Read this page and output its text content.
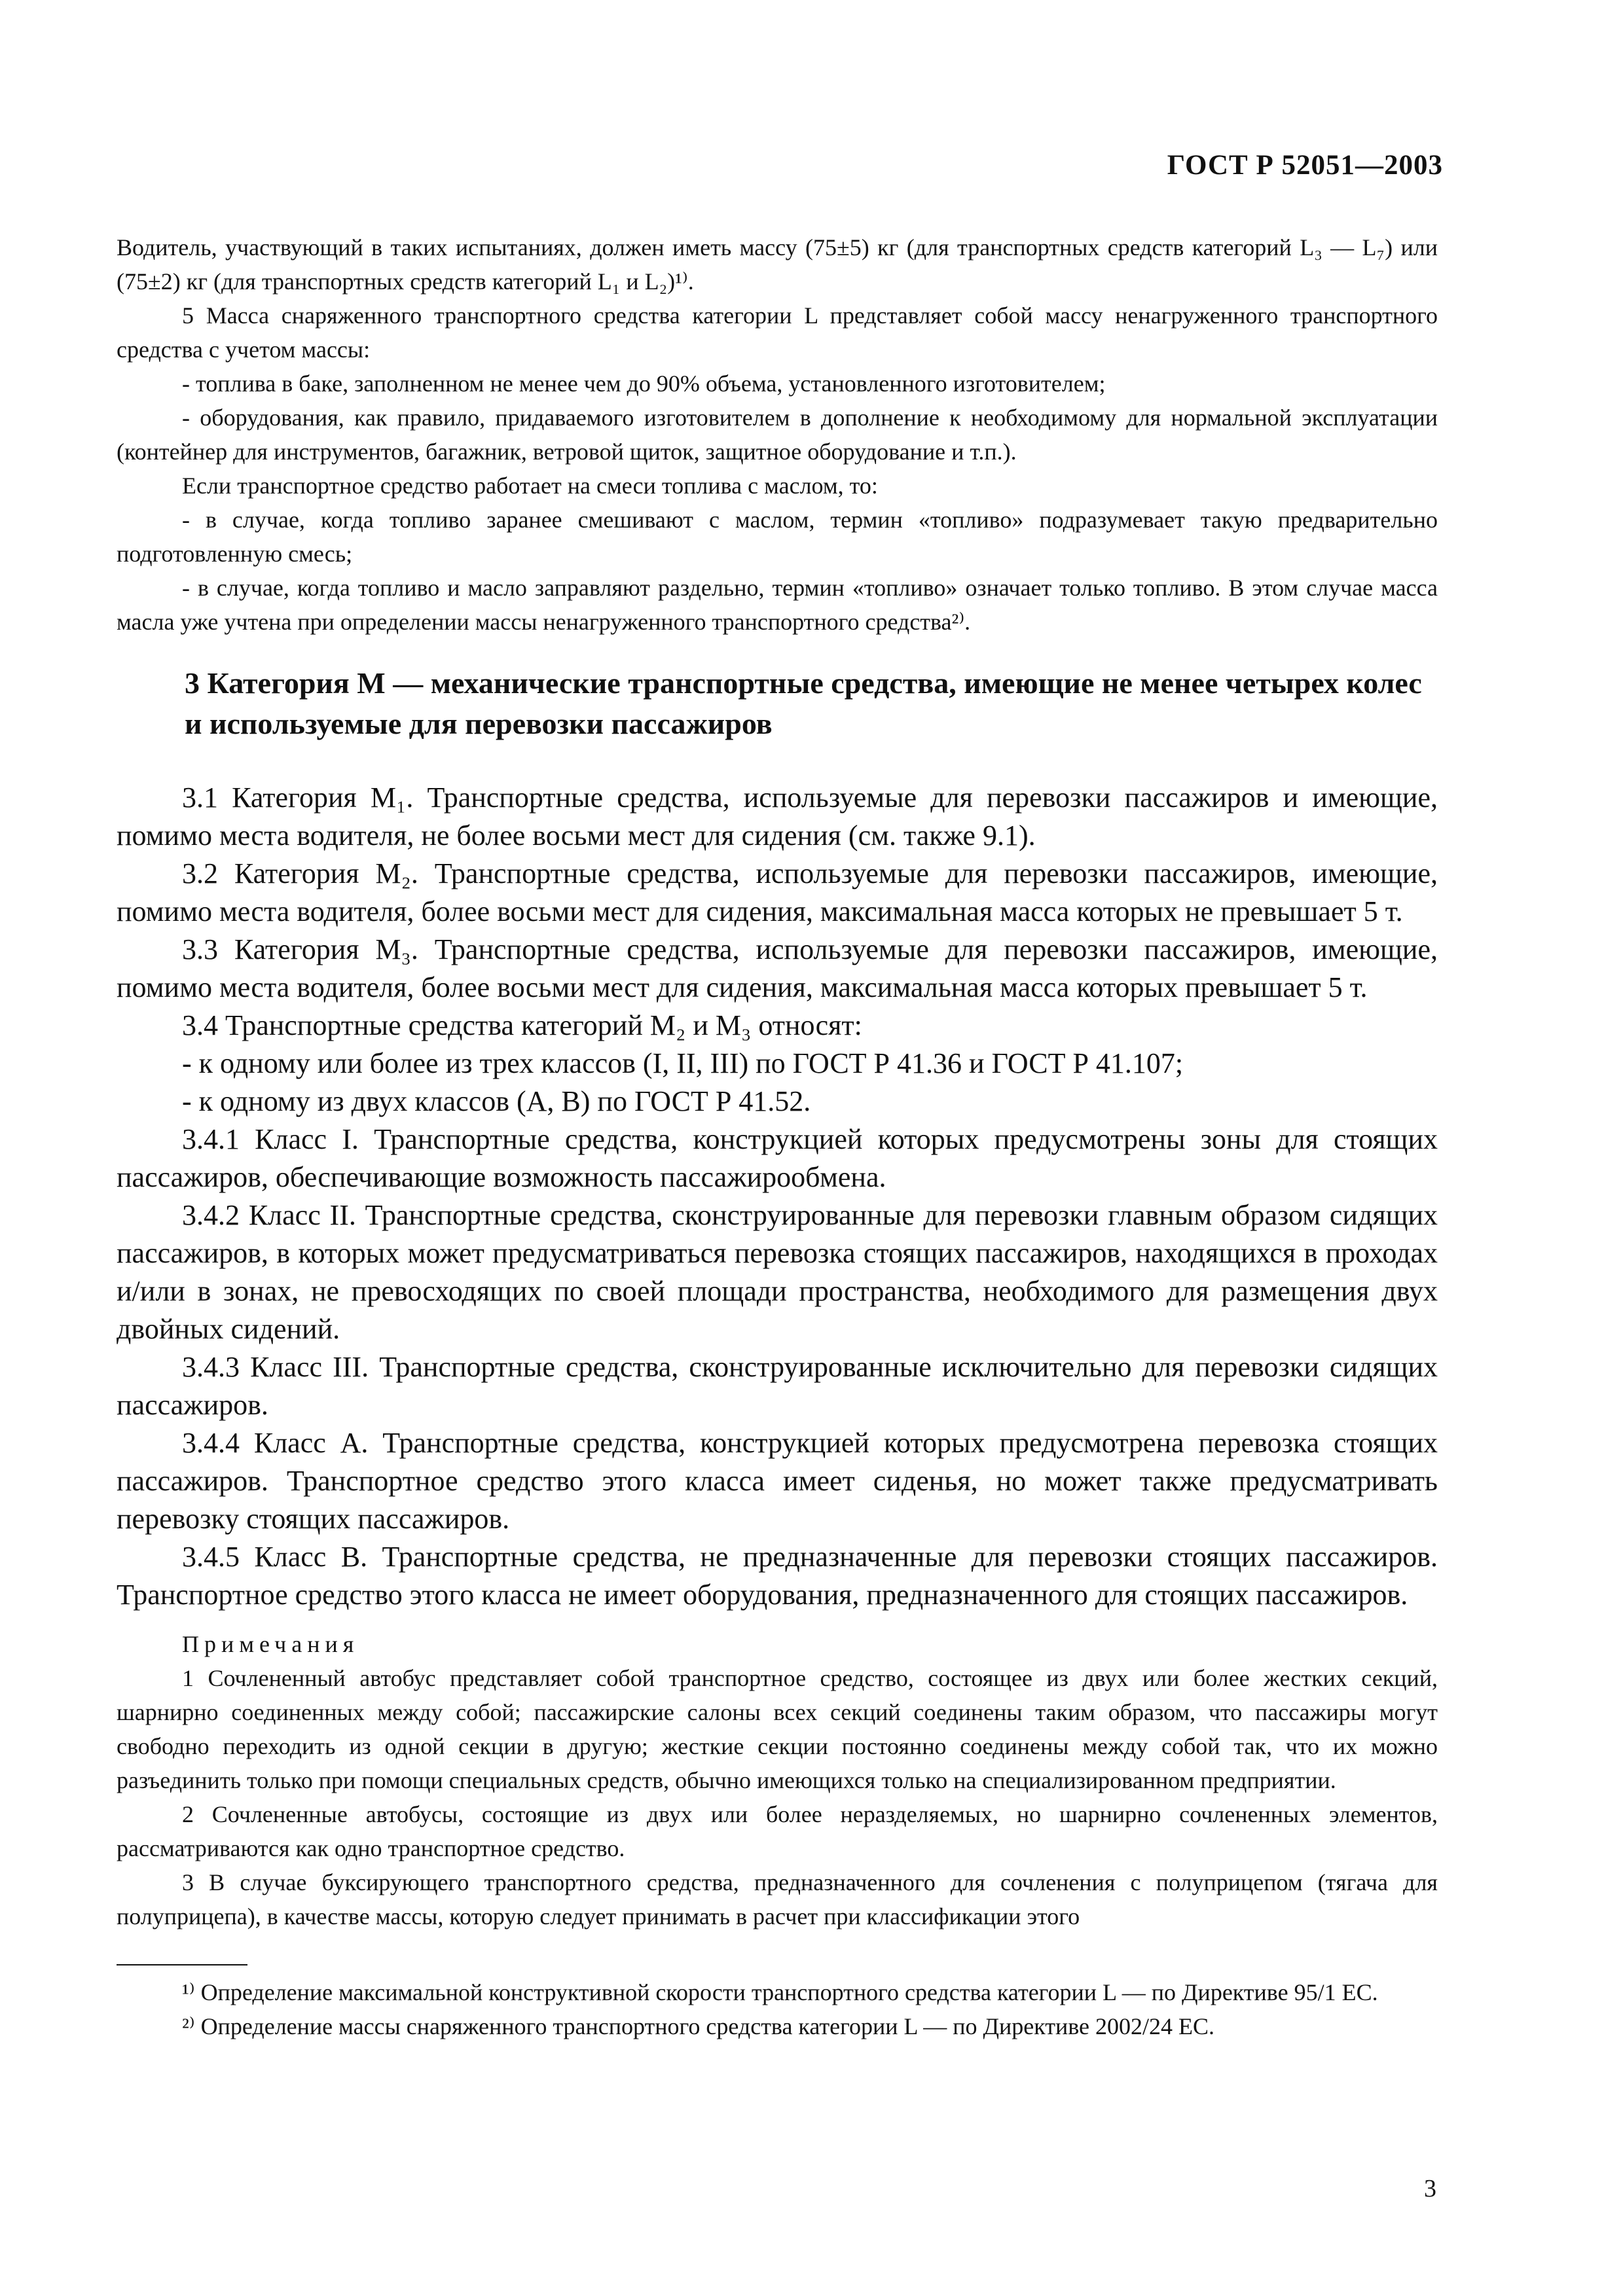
ГОСТ Р 52051—2003

Водитель, участвующий в таких испытаниях, должен иметь массу (75±5) кг (для транспортных средств категорий L₃ — L₇) или (75±2) кг (для транспортных средств категорий L₁ и L₂)¹⁾.

5 Масса снаряженного транспортного средства категории L представляет собой массу ненагруженного транспортного средства с учетом массы:

- топлива в баке, заполненном не менее чем до 90% объема, установленного изготовителем;

- оборудования, как правило, придаваемого изготовителем в дополнение к необходимому для нормальной эксплуатации (контейнер для инструментов, багажник, ветровой щиток, защитное оборудование и т.п.).

Если транспортное средство работает на смеси топлива с маслом, то:

- в случае, когда топливо заранее смешивают с маслом, термин «топливо» подразумевает такую предварительно подготовленную смесь;

- в случае, когда топливо и масло заправляют раздельно, термин «топливо» означает только топливо. В этом случае масса масла уже учтена при определении массы ненагруженного транспортного средства²⁾.

3 Категория М — механические транспортные средства, имеющие не менее четырех колес и используемые для перевозки пассажиров

3.1 Категория M₁. Транспортные средства, используемые для перевозки пассажиров и имеющие, помимо места водителя, не более восьми мест для сидения (см. также 9.1).

3.2 Категория M₂. Транспортные средства, используемые для перевозки пассажиров, имеющие, помимо места водителя, более восьми мест для сидения, максимальная масса которых не превышает 5 т.

3.3 Категория M₃. Транспортные средства, используемые для перевозки пассажиров, имеющие, помимо места водителя, более восьми мест для сидения, максимальная масса которых превышает 5 т.

3.4 Транспортные средства категорий M₂ и M₃ относят:

- к одному или более из трех классов (I, II, III) по ГОСТ Р 41.36 и ГОСТ Р 41.107;

- к одному из двух классов (А, В) по ГОСТ Р 41.52.

3.4.1 Класс I. Транспортные средства, конструкцией которых предусмотрены зоны для стоящих пассажиров, обеспечивающие возможность пассажирообмена.

3.4.2 Класс II. Транспортные средства, сконструированные для перевозки главным образом сидящих пассажиров, в которых может предусматриваться перевозка стоящих пассажиров, находящихся в проходах и/или в зонах, не превосходящих по своей площади пространства, необходимого для размещения двух двойных сидений.

3.4.3 Класс III. Транспортные средства, сконструированные исключительно для перевозки сидящих пассажиров.

3.4.4 Класс А. Транспортные средства, конструкцией которых предусмотрена перевозка стоящих пассажиров. Транспортное средство этого класса имеет сиденья, но может также предусматривать перевозку стоящих пассажиров.

3.4.5 Класс В. Транспортные средства, не предназначенные для перевозки стоящих пассажиров. Транспортное средство этого класса не имеет оборудования, предназначенного для стоящих пассажиров.

Примечания

1 Сочлененный автобус представляет собой транспортное средство, состоящее из двух или более жестких секций, шарнирно соединенных между собой; пассажирские салоны всех секций соединены таким образом, что пассажиры могут свободно переходить из одной секции в другую; жесткие секции постоянно соединены между собой так, что их можно разъединить только при помощи специальных средств, обычно имеющихся только на специализированном предприятии.

2 Сочлененные автобусы, состоящие из двух или более неразделяемых, но шарнирно сочлененных элементов, рассматриваются как одно транспортное средство.

3 В случае буксирующего транспортного средства, предназначенного для сочленения с полуприцепом (тягача для полуприцепа), в качестве массы, которую следует принимать в расчет при классификации этого

¹⁾ Определение максимальной конструктивной скорости транспортного средства категории L — по Директиве 95/1 ЕС.

²⁾ Определение массы снаряженного транспортного средства категории L — по Директиве 2002/24 ЕС.

3
